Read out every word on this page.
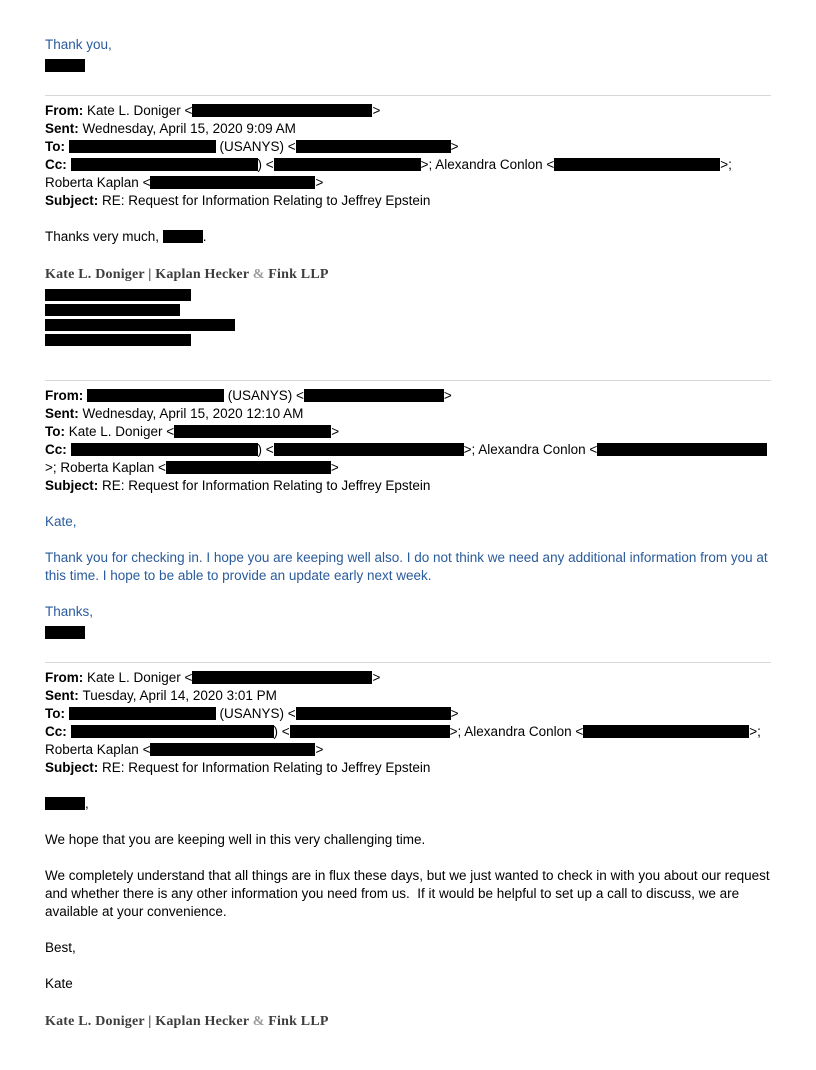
Thank you,

From: Kate L. Doniger <	>

Sent: Wednesday, April 15, 2020 9:09 AM

To:	(USANYS) <	>

Cc:	) <	>; Alexandra Conlon <	>; Roberta Kaplan <	>

Subject: RE: Request for Information Relating to Jeffrey Epstein

Thanks very much,	.

Kate L. Doniger | Kaplan Hecker & Fink LLP

From:	(USANYS) <	>

Sent: Wednesday, April 15, 2020 12:10 AM

To: Kate L. Doniger <	>

Cc:	) <	>; Alexandra Conlon <>; Roberta Kaplan <	>

Subject: RE: Request for Information Relating to Jeffrey Epstein

Kate,

Thank you for checking in. I hope you are keeping well also. I do not think we need any additional information from you at this time. I hope to be able to provide an update early next week.

Thanks,

From: Kate L. Doniger <	>

Sent: Tuesday, April 14, 2020 3:01 PM

To:	(USANYS) <	>

Cc:	) <	>; Alexandra Conlon <	>; Roberta Kaplan <	>

Subject: RE: Request for Information Relating to Jeffrey Epstein

,

We hope that you are keeping well in this very challenging time.

We completely understand that all things are in flux these days, but we just wanted to check in with you about our request and whether there is any other information you need from us.  If it would be helpful to set up a call to discuss, we are available at your convenience.

Best,

Kate

Kate L. Doniger | Kaplan Hecker & Fink LLP
